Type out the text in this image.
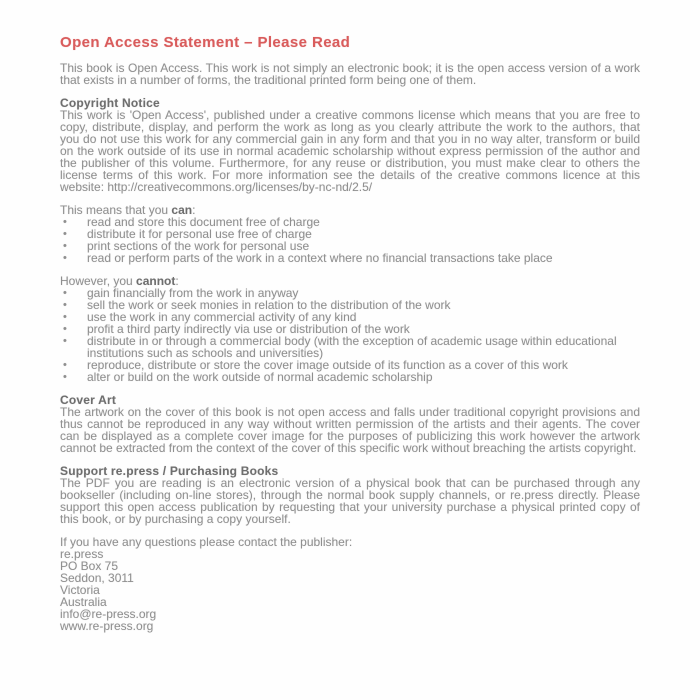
Open Access Statement – Please Read

This book is Open Access. This work is not simply an electronic book; it is the open access version of a work that exists in a number of forms, the traditional printed form being one of them.

Copyright Notice

This work is 'Open Access', published under a creative commons license which means that you are free to copy, distribute, display, and perform the work as long as you clearly attribute the work to the authors, that you do not use this work for any commercial gain in any form and that you in no way alter, transform or build on the work outside of its use in normal academic scholarship without express permission of the author and the publisher of this volume. Furthermore, for any reuse or distribution, you must make clear to others the license terms of this work. For more information see the details of the creative commons licence at this website: http://creativecommons.org/licenses/by-nc-nd/2.5/

This means that you can:
• read and store this document free of charge
• distribute it for personal use free of charge
• print sections of the work for personal use
• read or perform parts of the work in a context where no financial transactions take place
However, you cannot:
• gain financially from the work in anyway
• sell the work or seek monies in relation to the distribution of the work
• use the work in any commercial activity of any kind
• profit a third party indirectly via use or distribution of the work
• distribute in or through a commercial body (with the exception of academic usage within educational institutions such as schools and universities)
• reproduce, distribute or store the cover image outside of its function as a cover of this work
• alter or build on the work outside of normal academic scholarship
Cover Art

The artwork on the cover of this book is not open access and falls under traditional copyright provisions and thus cannot be reproduced in any way without written permission of the artists and their agents. The cover can be displayed as a complete cover image for the purposes of publicizing this work however the artwork cannot be extracted from the context of the cover of this specific work without breaching the artists copyright.

Support re.press / Purchasing Books

The PDF you are reading is an electronic version of a physical book that can be purchased through any bookseller (including on-line stores), through the normal book supply channels, or re.press directly. Please support this open access publication by requesting that your university purchase a physical printed copy of this book, or by purchasing a copy yourself.

If you have any questions please contact the publisher:
re.press
PO Box 75
Seddon, 3011
Victoria
Australia
info@re-press.org
www.re-press.org
